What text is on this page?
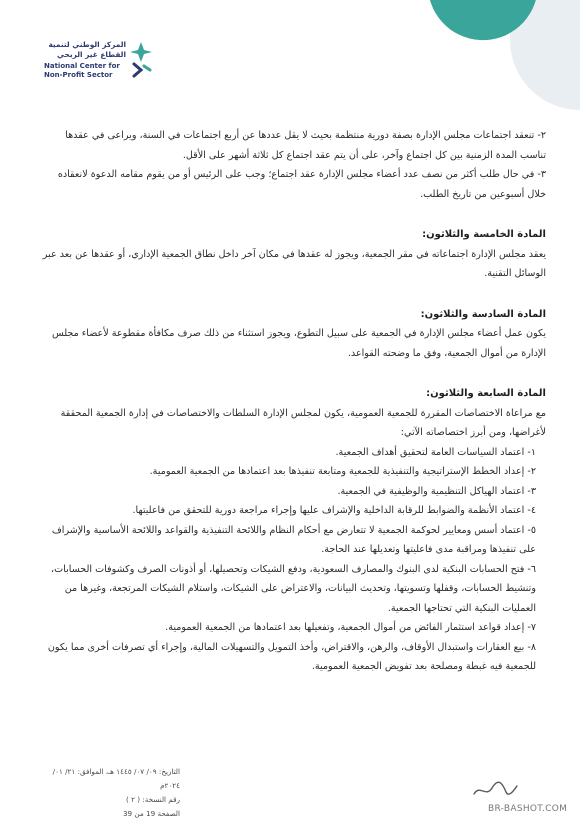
المركز الوطني لتنمية
القطاع غير الربحي
National Center for
Non-Profit Sector

٢- تنعقد اجتماعات مجلس الإدارة بصفة دورية منتظمة بحيث لا يقل عددها عن أربع اجتماعات في السنة، ويراعى في عقدها تناسب المدة الزمنية بين كل اجتماع وآخر، على أن يتم عقد اجتماع كل ثلاثة أشهر على الأقل.

٣- في حال طلب أكثر من نصف عدد أعضاء مجلس الإدارة عقد اجتماع؛ وجب على الرئيس أو من يقوم مقامه الدعوة لانعقاده خلال أسبوعين من تاريخ الطلب.

المادة الخامسة والثلاثون:

يعقد مجلس الإدارة اجتماعاته في مقر الجمعية، ويجوز له عقدها في مكان آخر داخل نطاق الجمعية الإداري، أو عقدها عن بعد عبر الوسائل التقنية.

المادة السادسة والثلاثون:

يكون عمل أعضاء مجلس الإدارة في الجمعية على سبيل التطوع، ويجوز استثناء من ذلك صرف مكافأة مقطوعة لأعضاء مجلس الإدارة من أموال الجمعية، وفق ما وضحته القواعد.

المادة السابعة والثلاثون:

مع مراعاة الاختصاصات المقررة للجمعية العمومية، يكون لمجلس الإدارة السلطات والاختصاصات في إدارة الجمعية المحققة لأغراضها، ومن أبرز اختصاصاته الآتي:

١- اعتماد السياسات العامة لتحقيق أهداف الجمعية.
٢- إعداد الخطط الإستراتيجية والتنفيذية للجمعية ومتابعة تنفيذها بعد اعتمادها من الجمعية العمومية.
٣- اعتماد الهياكل التنظيمية والوظيفية في الجمعية.
٤- اعتماد الأنظمة والضوابط للرقابة الداخلية والإشراف عليها وإجراء مراجعة دورية للتحقق من فاعليتها.
٥- اعتماد أسس ومعايير لحوكمة الجمعية لا تتعارض مع أحكام النظام واللائحة التنفيذية والقواعد واللائحة الأساسية والإشراف على تنفيذها ومراقبة مدى فاعليتها وتعديلها عند الحاجة.
٦- فتح الحسابات البنكية لدى البنوك والمصارف السعودية، ودفع الشيكات وتحصيلها، أو أذونات الصرف وكشوفات الحسابات، وتنشيط الحسابات، وقفلها وتسويتها، وتحديث البيانات، والاعتراض على الشيكات، واستلام الشيكات المرتجعة، وغيرها من العمليات البنكية التي تحتاجها الجمعية.
٧- إعداد قواعد استثمار الفائض من أموال الجمعية، وتفعيلها بعد اعتمادها من الجمعية العمومية.
٨- بيع العقارات واستبدال الأوقاف، والرهن، والاقتراض، وأخذ التمويل والتسهيلات المالية، وإجراء أي تصرفات أخرى مما يكون للجمعية فيه غبطة ومصلحة بعد تفويض الجمعية العمومية.
التاريخ: ٠٩/ ٠٧/ ١٤٤٥ هـ، الموافق: ٢١/ ٠١/ ٢٠٢٤م
رقم النسخة: ( ٢ )
الصفحة 19 من 39	BR-BASHOT.COM
